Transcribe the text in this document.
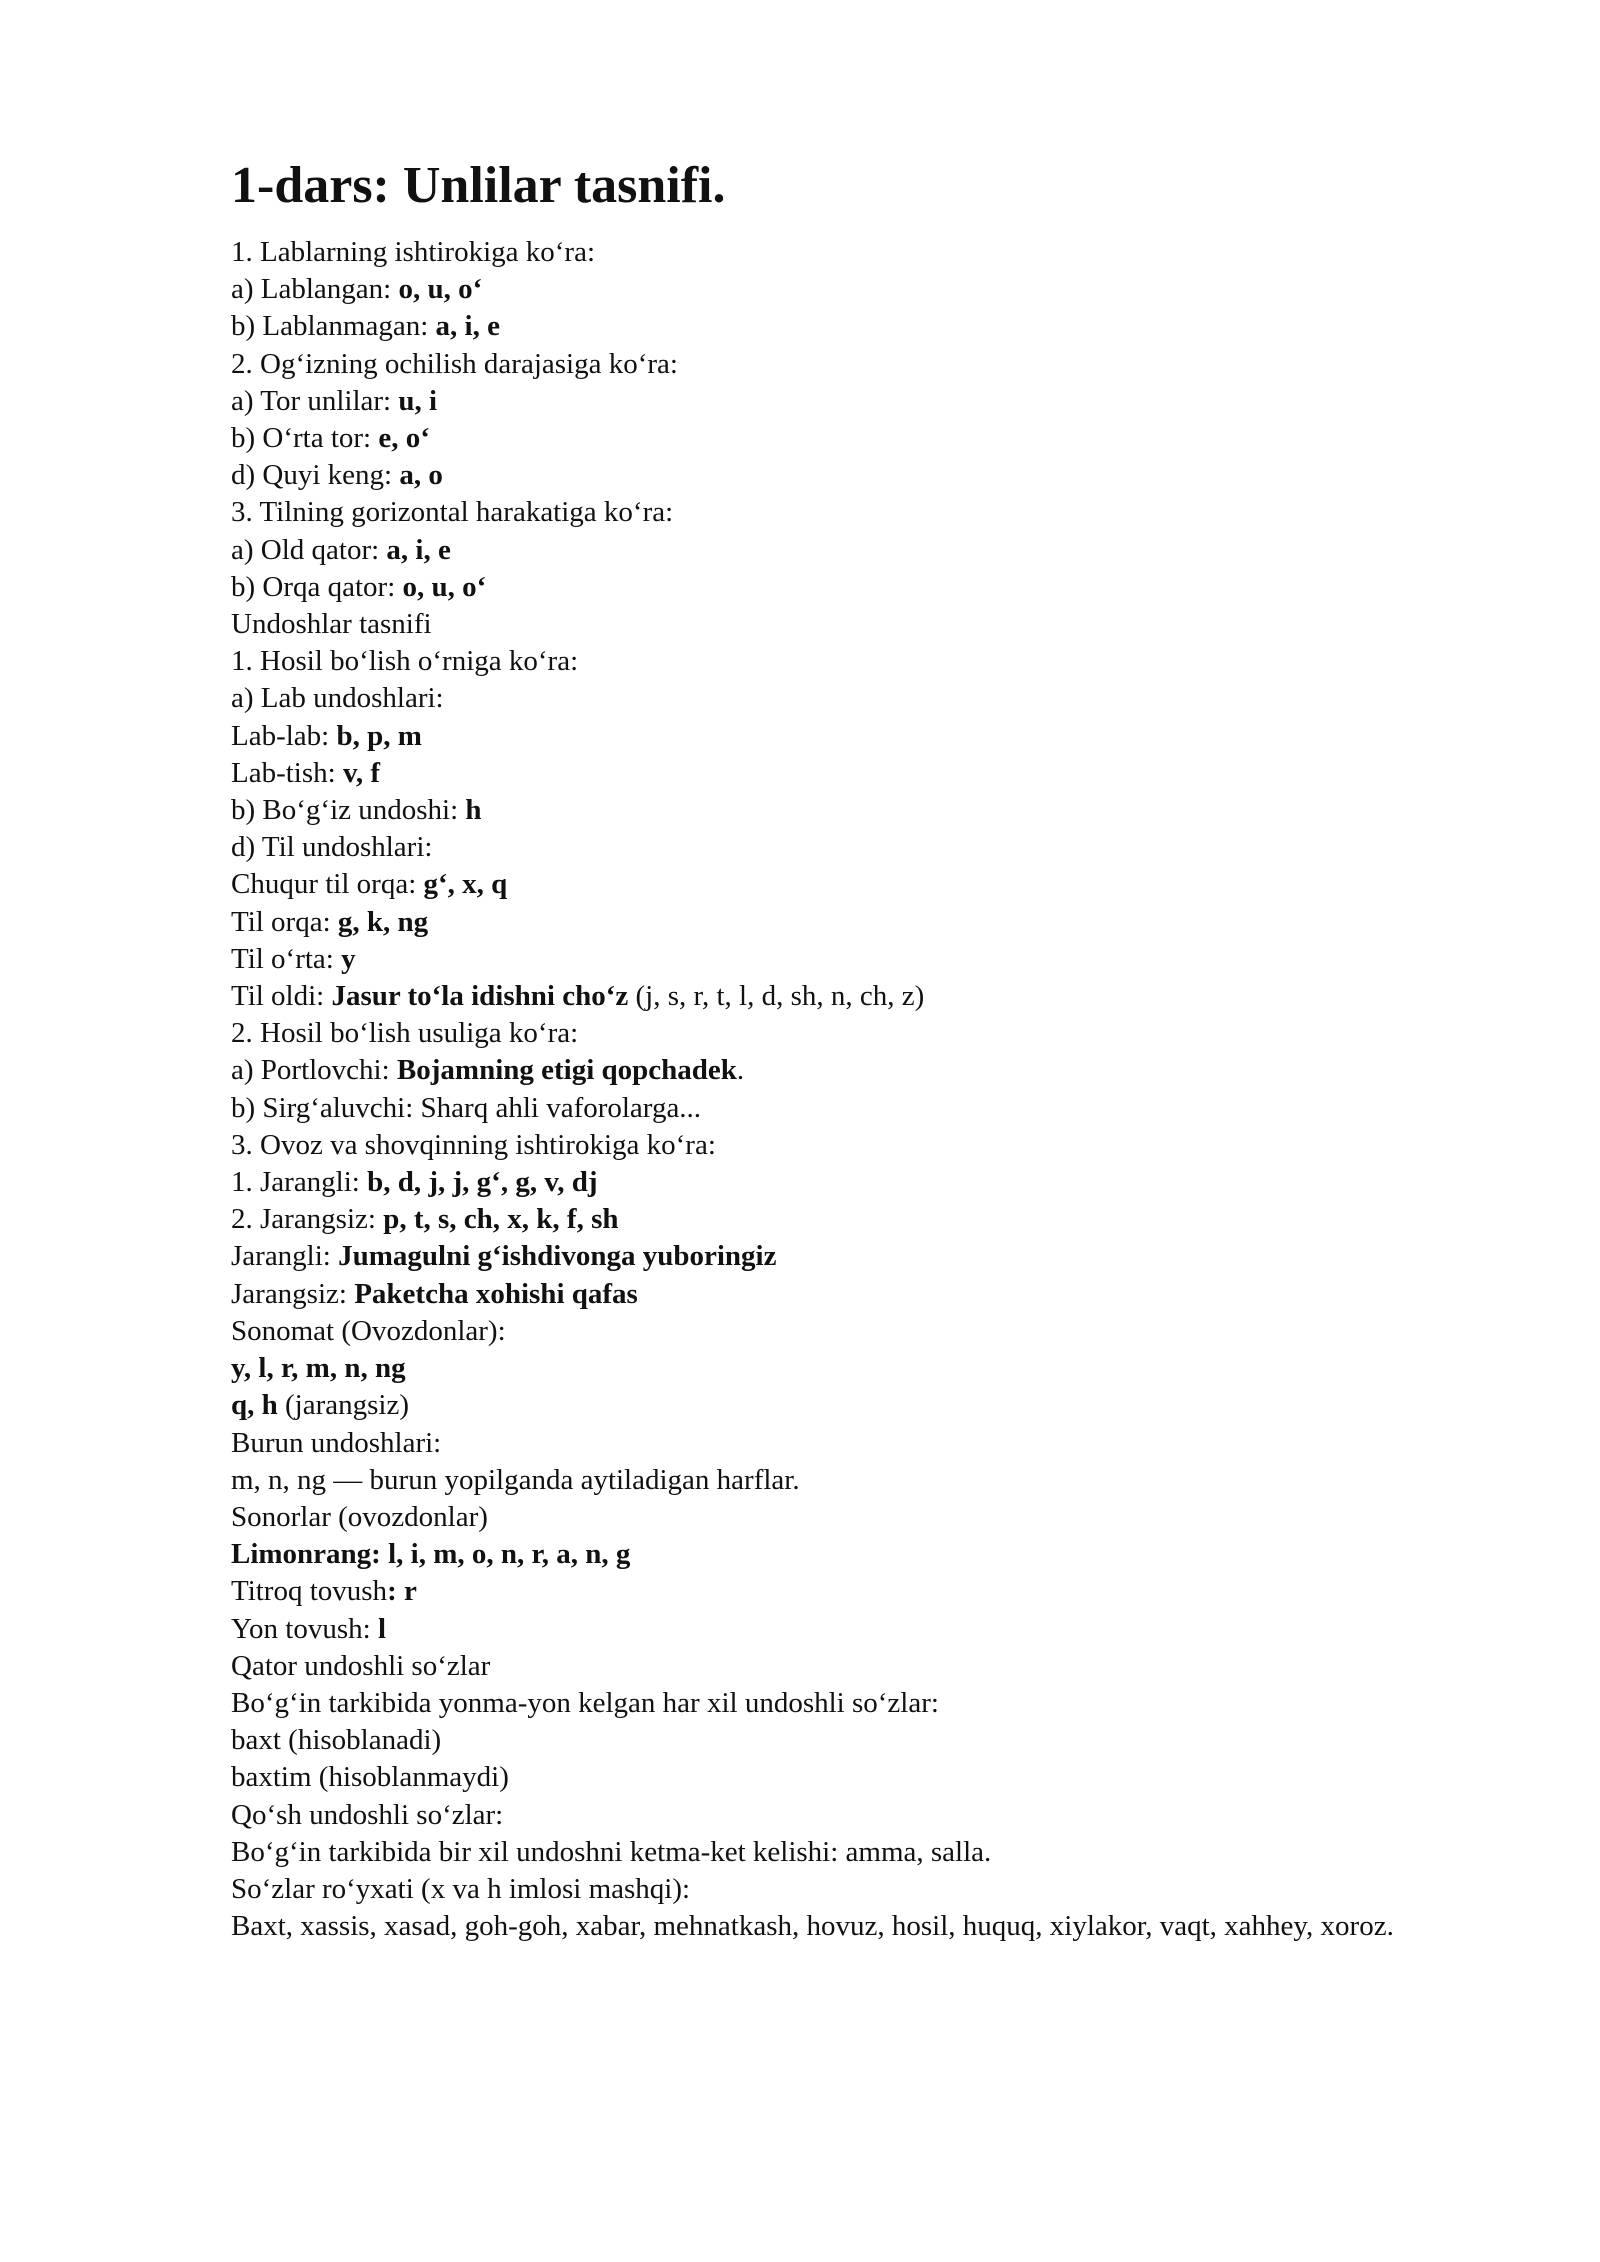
1-dars: Unlilar tasnifi.
1. Lablarning ishtirokiga ko‘ra:
a) Lablangan: o, u, o‘
b) Lablanmagan: a, i, e
2. Og‘izning ochilish darajasiga ko‘ra:
a) Tor unlilar: u, i
b) O‘rta tor: e, o‘
d) Quyi keng: a, o
3. Tilning gorizontal harakatiga ko‘ra:
a) Old qator: a, i, e
b) Orqa qator: o, u, o‘
Undoshlar tasnifi
1. Hosil bo‘lish o‘rniga ko‘ra:
a) Lab undoshlari:
Lab-lab: b, p, m
Lab-tish: v, f
b) Bo‘g‘iz undoshi: h
d) Til undoshlari:
Chuqur til orqa: g‘, x, q
Til orqa: g, k, ng
Til o‘rta: y
Til oldi: Jasur to‘la idishni cho‘z (j, s, r, t, l, d, sh, n, ch, z)
2. Hosil bo‘lish usuliga ko‘ra:
a) Portlovchi: Bojamning etigi qopchadek.
b) Sirg‘aluvchi: Sharq ahli vaforolarga...
3. Ovoz va shovqinning ishtirokiga ko‘ra:
1. Jarangli: b, d, j, j, g‘, g, v, dj
2. Jarangsiz: p, t, s, ch, x, k, f, sh
Jarangli: Jumagulni g‘ishdivonga yuboringiz
Jarangsiz: Paketcha xohishi qafas
Sonomat (Ovozdonlar):
y, l, r, m, n, ng
q, h (jarangsiz)
Burun undoshlari:
m, n, ng — burun yopilganda aytiladigan harflar.
Sonorlar (ovozdonlar)
Limonrang: l, i, m, o, n, r, a, n, g
Titroq tovush: r
Yon tovush: l
Qator undoshli so‘zlar
Bo‘g‘in tarkibida yonma-yon kelgan har xil undoshli so‘zlar:
baxt (hisoblanadi)
baxtim (hisoblanmaydi)
Qo‘sh undoshli so‘zlar:
Bo‘g‘in tarkibida bir xil undoshni ketma-ket kelishi: amma, salla.
So‘zlar ro‘yxati (x va h imlosi mashqi):
Baxt, xassis, xasad, goh-goh, xabar, mehnatkash, hovuz, hosil, huquq, xiylakor, vaqt, xahhey, xoroz.
